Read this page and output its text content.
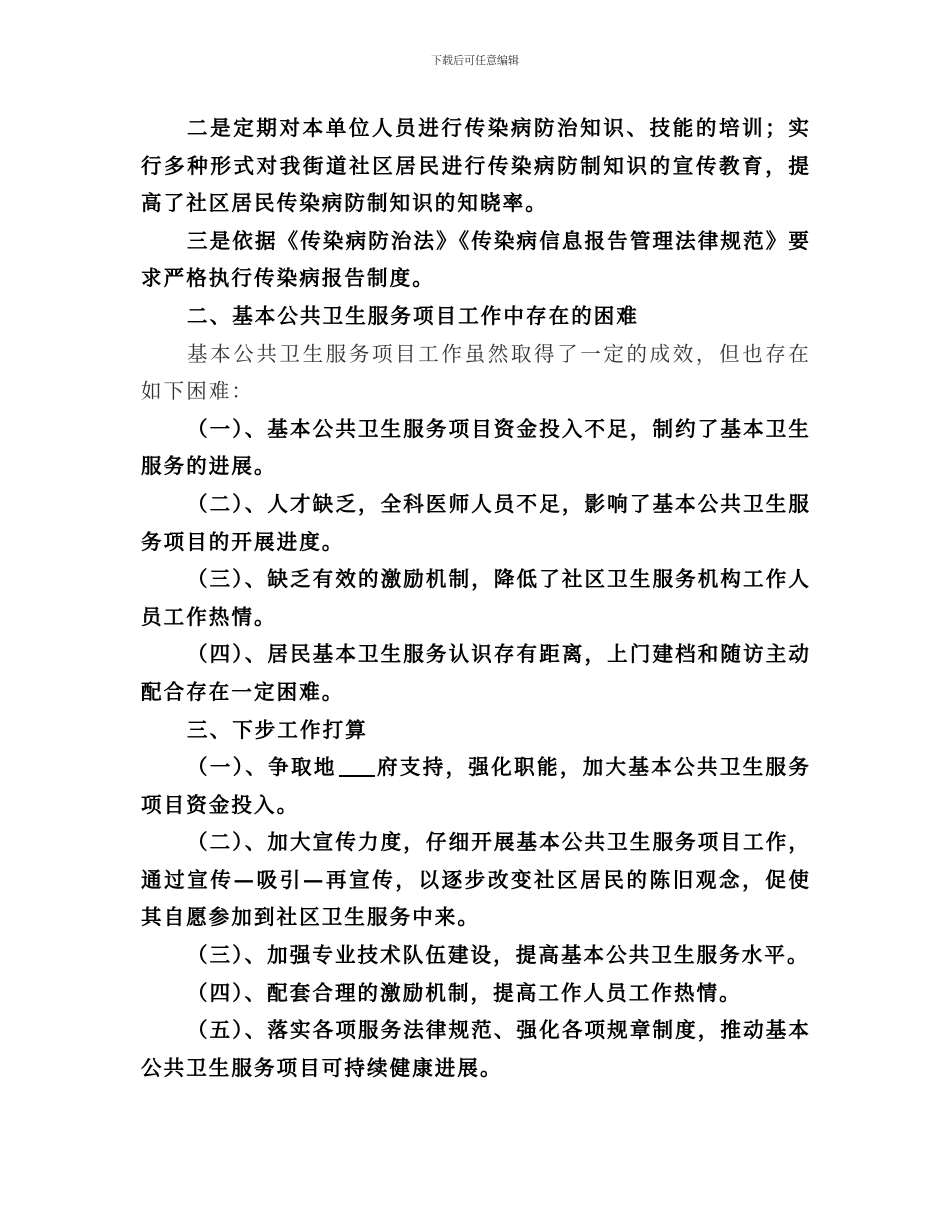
下载后可任意编辑

二是定期对本单位人员进行传染病防治知识、技能的培训；实行多种形式对我街道社区居民进行传染病防制知识的宣传教育，提高了社区居民传染病防制知识的知晓率。

三是依据《传染病防治法》《传染病信息报告管理法律规范》要求严格执行传染病报告制度。

二、基本公共卫生服务项目工作中存在的困难

基本公共卫生服务项目工作虽然取得了一定的成效，但也存在如下困难：

（一）、基本公共卫生服务项目资金投入不足，制约了基本卫生服务的进展。

（二）、人才缺乏，全科医师人员不足，影响了基本公共卫生服务项目的开展进度。

（三）、缺乏有效的激励机制，降低了社区卫生服务机构工作人员工作热情。

（四）、居民基本卫生服务认识存有距离，上门建档和随访主动配合存在一定困难。

三、下步工作打算

（一）、争取地 府支持，强化职能，加大基本公共卫生服务项目资金投入。

（二）、加大宣传力度，仔细开展基本公共卫生服务项目工作，通过宣传—吸引—再宣传，以逐步改变社区居民的陈旧观念，促使其自愿参加到社区卫生服务中来。

（三）、加强专业技术队伍建设，提高基本公共卫生服务水平。

（四）、配套合理的激励机制，提高工作人员工作热情。

（五）、落实各项服务法律规范、强化各项规章制度，推动基本公共卫生服务项目可持续健康进展。
